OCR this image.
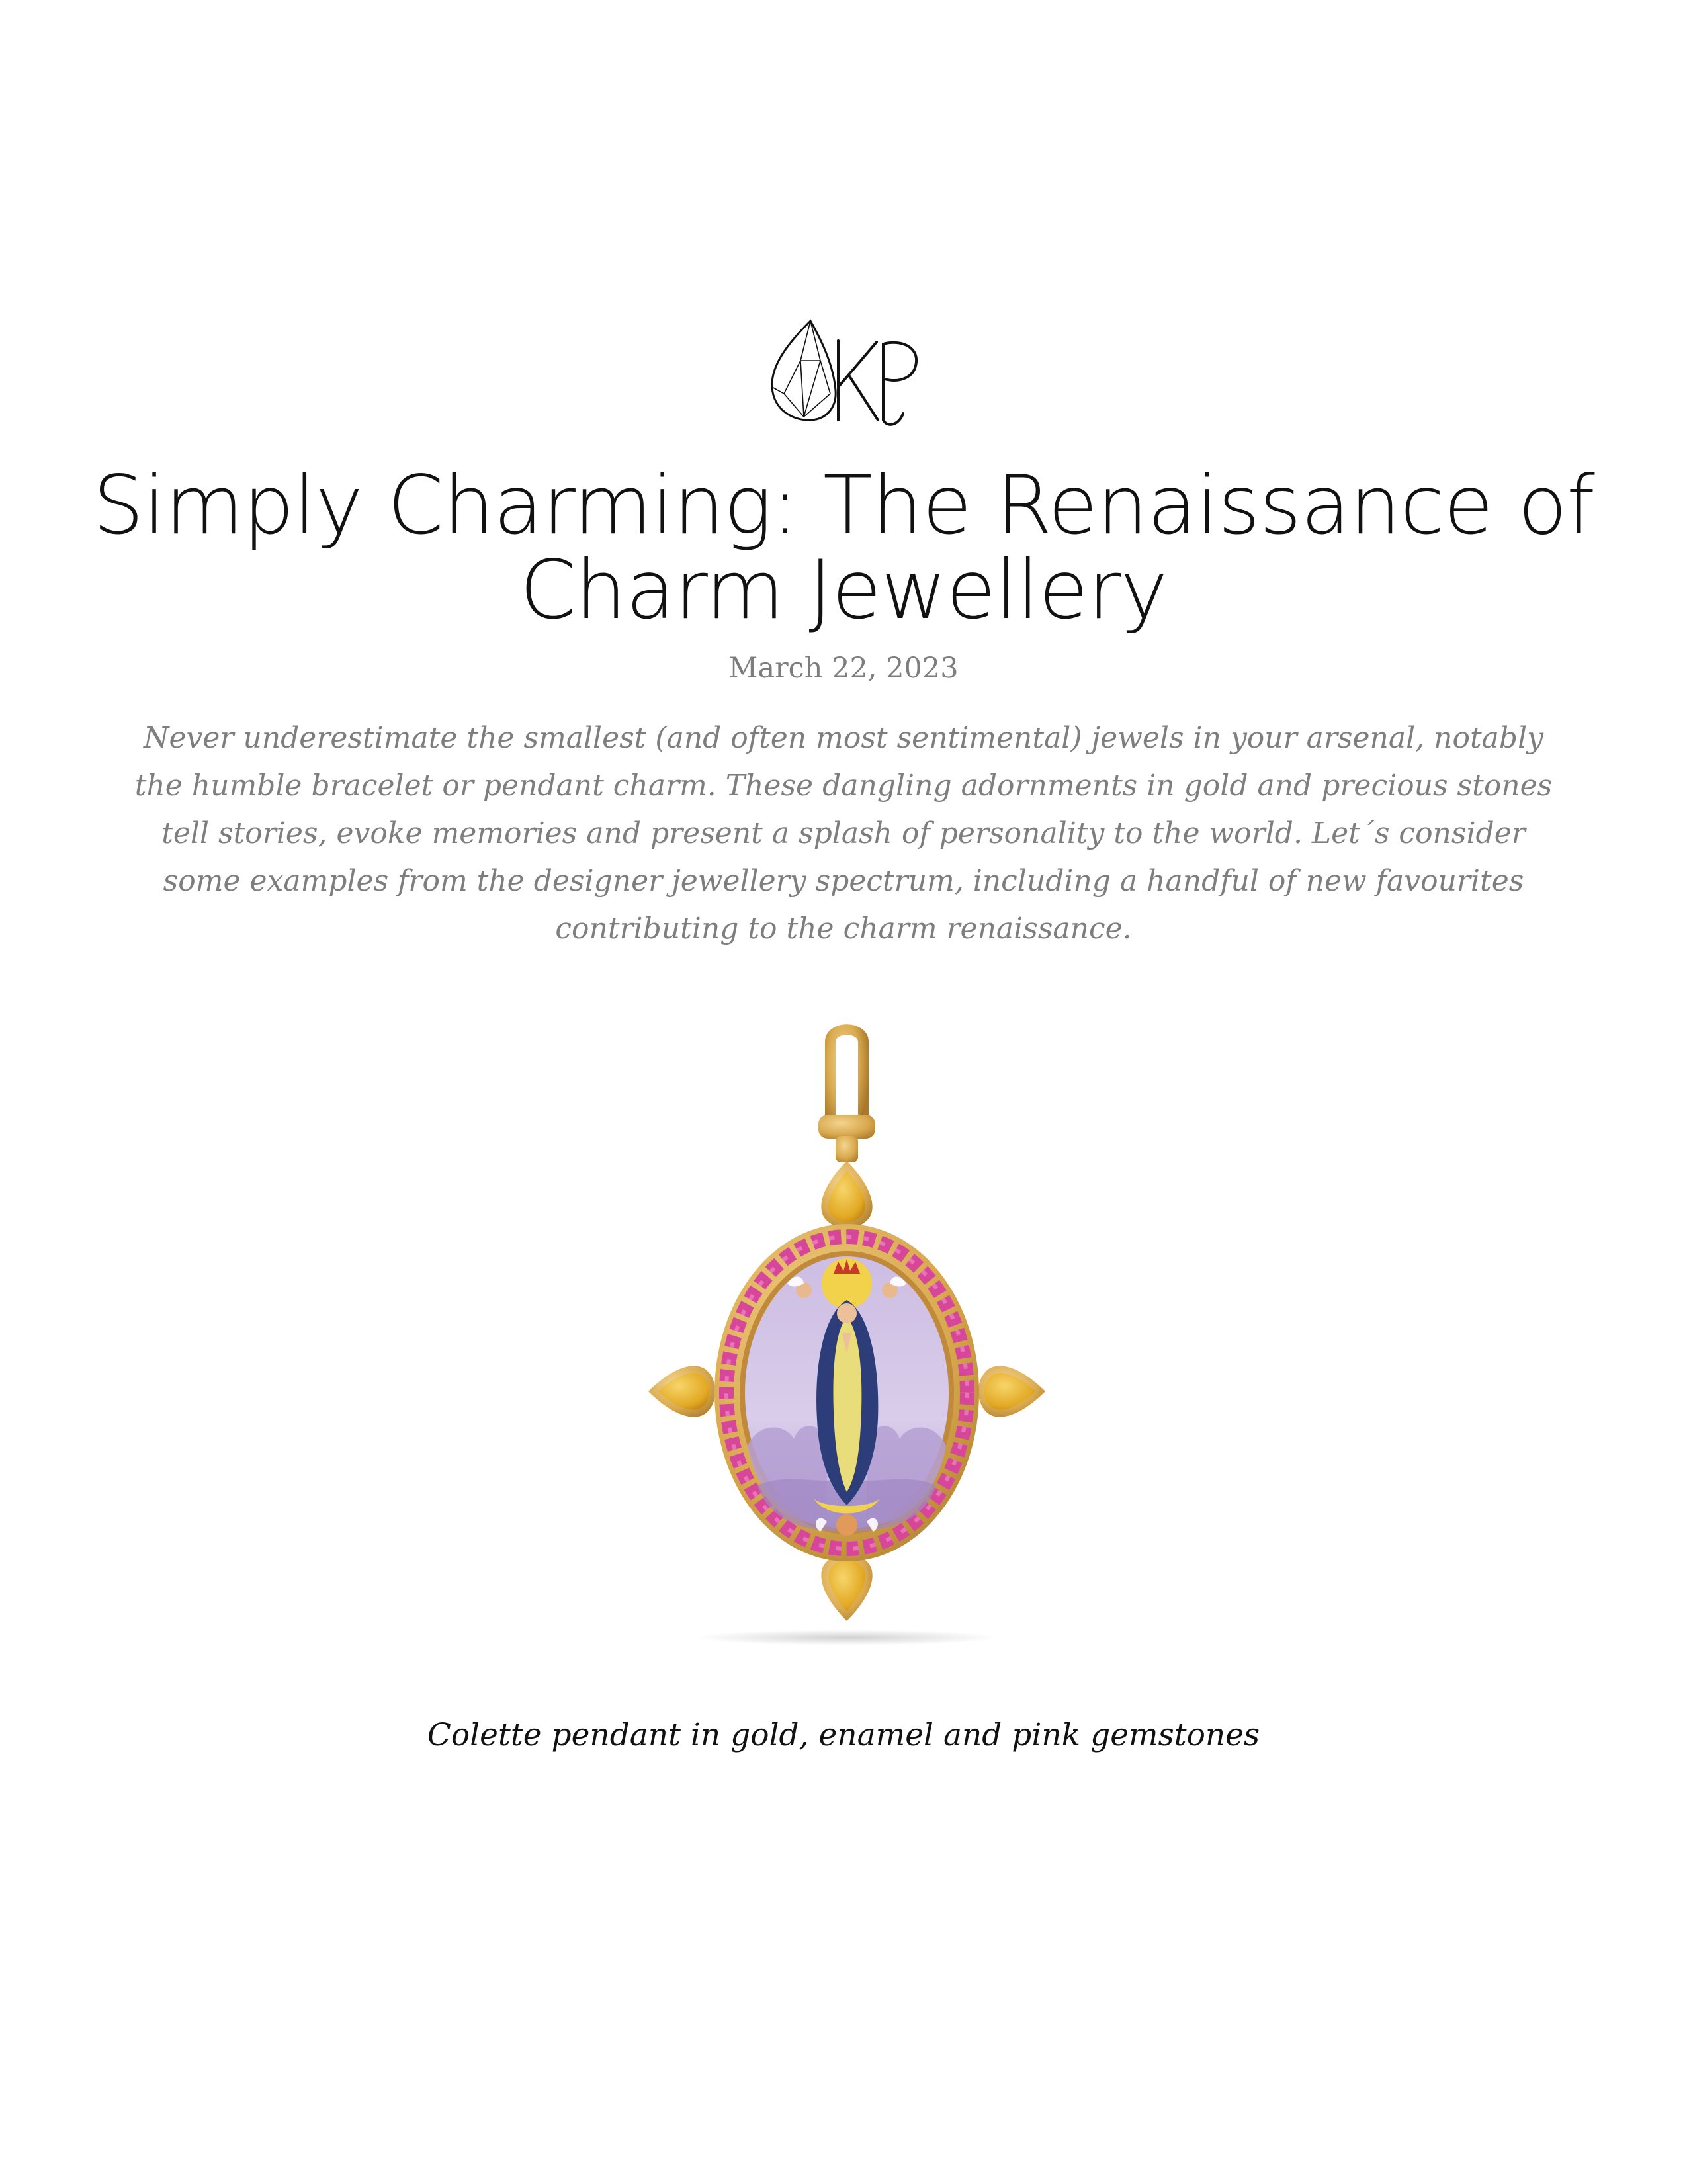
Simply Charming: The Renaissance of Charm Jewellery
March 22, 2023

Never underestimate the smallest (and often most sentimental) jewels in your arsenal, notably the humble bracelet or pendant charm. These dangling adornments in gold and precious stones tell stories, evoke memories and present a splash of personality to the world. Let´s consider some examples from the designer jewellery spectrum, including a handful of new favourites contributing to the charm renaissance.

Colette pendant in gold, enamel and pink gemstones
